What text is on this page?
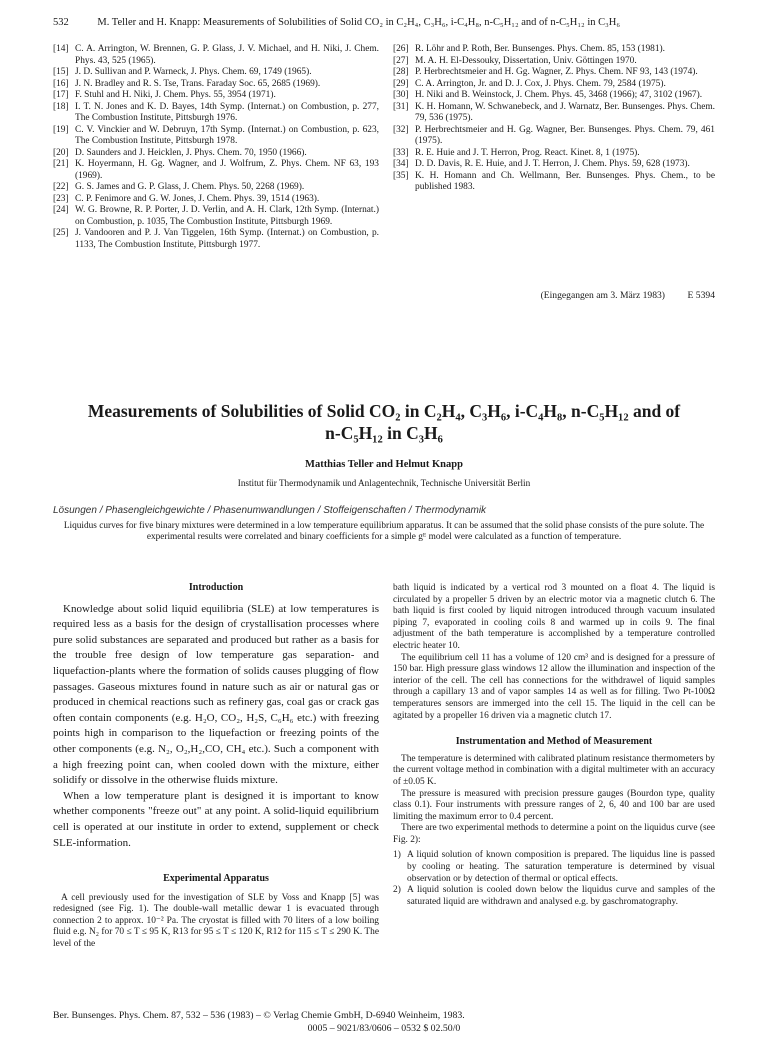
532	M. Teller and H. Knapp: Measurements of Solubilities of Solid CO₂ in C₂H₄, C₃H₆, i-C₄H₈, n-C₅H₁₂ and of n-C₅H₁₂ in C₃H₆
[14] C. A. Arrington, W. Brennen, G. P. Glass, J. V. Michael, and H. Niki, J. Chem. Phys. 43, 525 (1965).
[15] J. D. Sullivan and P. Warneck, J. Phys. Chem. 69, 1749 (1965).
[16] J. N. Bradley and R. S. Tse, Trans. Faraday Soc. 65, 2685 (1969).
[17] F. Stuhl and H. Niki, J. Chem. Phys. 55, 3954 (1971).
[18] I. T. N. Jones and K. D. Bayes, 14th Symp. (Internat.) on Combustion, p. 277, The Combustion Institute, Pittsburgh 1976.
[19] C. V. Vinckier and W. Debruyn, 17th Symp. (Internat.) on Combustion, p. 623, The Combustion Institute, Pittsburgh 1978.
[20] D. Saunders and J. Heicklen, J. Phys. Chem. 70, 1950 (1966).
[21] K. Hoyermann, H. Gg. Wagner, and J. Wolfrum, Z. Phys. Chem. NF 63, 193 (1969).
[22] G. S. James and G. P. Glass, J. Chem. Phys. 50, 2268 (1969).
[23] C. P. Fenimore and G. W. Jones, J. Chem. Phys. 39, 1514 (1963).
[24] W. G. Browne, R. P. Porter, J. D. Verlin, and A. H. Clark, 12th Symp. (Internat.) on Combustion, p. 1035, The Combustion Institute, Pittsburgh 1969.
[25] J. Vandooren and P. J. Van Tiggelen, 16th Symp. (Internat.) on Combustion, p. 1133, The Combustion Institute, Pittsburgh 1977.
[26] R. Löhr and P. Roth, Ber. Bunsenges. Phys. Chem. 85, 153 (1981).
[27] M. A. H. El-Dessouky, Dissertation, Univ. Göttingen 1970.
[28] P. Herbrechtsmeier and H. Gg. Wagner, Z. Phys. Chem. NF 93, 143 (1974).
[29] C. A. Arrington, Jr. and D. J. Cox, J. Phys. Chem. 79, 2584 (1975).
[30] H. Niki and B. Weinstock, J. Chem. Phys. 45, 3468 (1966); 47, 3102 (1967).
[31] K. H. Homann, W. Schwanebeck, and J. Warnatz, Ber. Bunsenges. Phys. Chem. 79, 536 (1975).
[32] P. Herbrechtsmeier and H. Gg. Wagner, Ber. Bunsenges. Phys. Chem. 79, 461 (1975).
[33] R. E. Huie and J. T. Herron, Prog. React. Kinet. 8, 1 (1975).
[34] D. D. Davis, R. E. Huie, and J. T. Herron, J. Chem. Phys. 59, 628 (1973).
[35] K. H. Homann and Ch. Wellmann, Ber. Bunsenges. Phys. Chem., to be published 1983.
(Eingegangen am 3. März 1983) E 5394
Measurements of Solubilities of Solid CO₂ in C₂H₄, C₃H₆, i-C₄H₈, n-C₅H₁₂ and of
n-C₅H₁₂ in C₃H₆
Matthias Teller and Helmut Knapp
Institut für Thermodynamik und Anlagentechnik, Technische Universität Berlin
Lösungen / Phasengleichgewichte / Phasenumwandlungen / Stoffeigenschaften / Thermodynamik
Liquidus curves for five binary mixtures were determined in a low temperature equilibrium apparatus. It can be assumed that the solid phase consists of the pure solute. The experimental results were correlated and binary coefficients for a simple gᴱ model were calculated as a function of temperature.
Introduction

Knowledge about solid liquid equilibria (SLE) at low temperatures is required less as a basis for the design of crystallisation processes where pure solid substances are separated and produced but rather as a basis for the trouble free design of low temperature gas separation- and liquefaction-plants where the formation of solids causes plugging of flow passages. Gaseous mixtures found in nature such as air or natural gas or produced in chemical reactions such as refinery gas, coal gas or crack gas often contain components (e.g. H₂O, CO₂, H₂S, C₆H₆ etc.) with freezing points high in comparison to the liquefaction or freezing points of the other components (e.g. N₂, O₂,H₂,CO, CH₄ etc.). Such a component with a high freezing point can, when cooled down with the mixture, either solidify or dissolve in the otherwise fluids mixture.

When a low temperature plant is designed it is important to know whether components "freeze out" at any point. A solid-liquid equilibrium cell is operated at our institute in order to extend, supplement or check SLE-information.

Experimental Apparatus

A cell previously used for the investigation of SLE by Voss and Knapp [5] was redesigned (see Fig. 1). The double-wall metallic dewar 1 is evacuated through connection 2 to approx. 10⁻² Pa. The cryostat is filled with 70 liters of a low boiling fluid e.g. N₂ for 70 ≤ T ≤ 95 K, R13 for 95 ≤ T ≤ 120 K, R12 for 115 ≤ T ≤ 290 K. The level of the

bath liquid is indicated by a vertical rod 3 mounted on a float 4. The liquid is circulated by a propeller 5 driven by an electric motor via a magnetic clutch 6. The bath liquid is first cooled by liquid nitrogen introduced through vacuum insulated piping 7, evaporated in cooling coils 8 and warmed up in coils 9. The final adjustment of the bath temperature is accomplished by a temperature controlled electric heater 10.

The equilibrium cell 11 has a volume of 120 cm³ and is designed for a pressure of 150 bar. High pressure glass windows 12 allow the illumination and inspection of the interior of the cell. The cell has connections for the withdrawel of liquid samples through a capillary 13 and of vapor samples 14 as well as for filling. Two Pt-100Ω temperatures sensors are immerged into the cell 15. The liquid in the cell can be agitated by a propeller 16 driven via a magnetic clutch 17.

Instrumentation and Method of Measurement

The temperature is determined with calibrated platinum resistance thermometers by the current voltage method in combination with a digital multimeter with an accuracy of ±0.05 K.

The pressure is measured with precision pressure gauges (Bourdon type, quality class 0.1). Four instruments with pressure ranges of 2, 6, 40 and 100 bar are used limiting the maximum error to 0.4 percent.

There are two experimental methods to determine a point on the liquidus curve (see Fig. 2):

1) A liquid solution of known composition is prepared. The liquidus line is passed by cooling or heating. The saturation temperature is determined by visual observation or by detection of thermal or optical effects.
2) A liquid solution is cooled down below the liquidus curve and samples of the saturated liquid are withdrawn and analysed e.g. by gaschromatography.
Ber. Bunsenges. Phys. Chem. 87, 532 – 536 (1983) – © Verlag Chemie GmbH, D-6940 Weinheim, 1983.
0005 – 9021/83/0606 – 0532 $ 02.50/0
